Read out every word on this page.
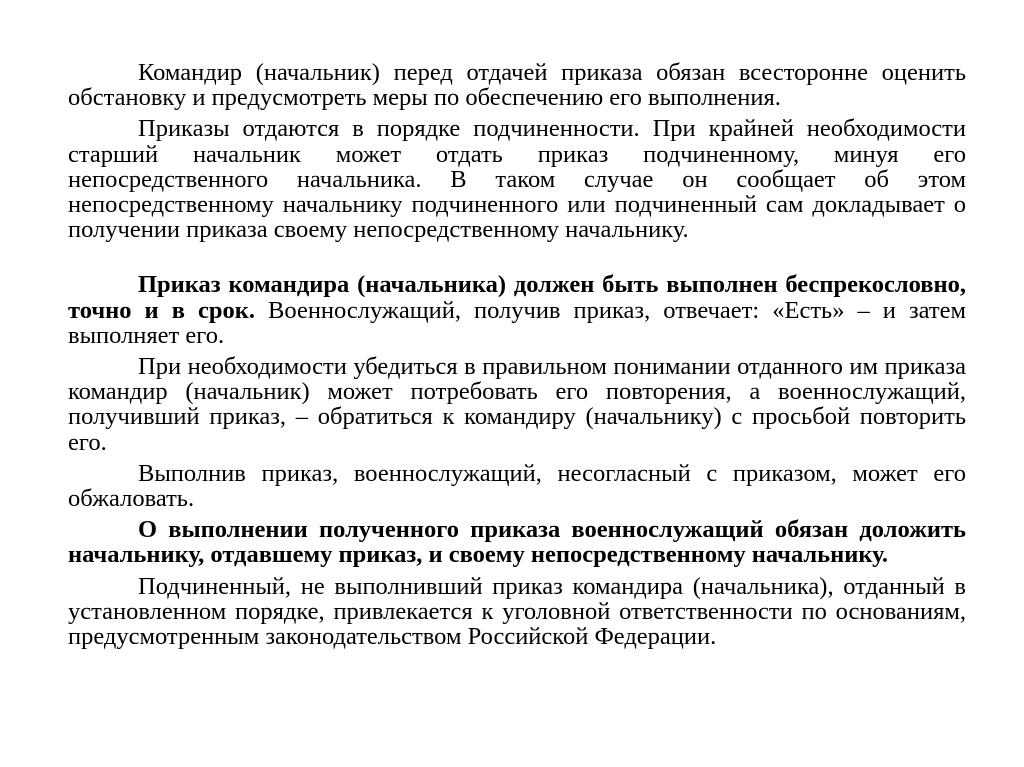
Командир (начальник) перед отдачей приказа обязан всесторонне оценить обстановку и предусмотреть меры по обеспечению его выполнения.

Приказы отдаются в порядке подчиненности. При крайней необходимости старший начальник может отдать приказ подчиненному, минуя его непосредственного начальника. В таком случае он сообщает об этом непосредственному начальнику подчиненного или подчиненный сам докладывает о получении приказа своему непосредственному начальнику.

Приказ командира (начальника) должен быть выполнен беспрекословно, точно и в срок. Военнослужащий, получив приказ, отвечает: «Есть» – и затем выполняет его.

При необходимости убедиться в правильном понимании отданного им приказа командир (начальник) может потребовать его повторения, а военнослужащий, получивший приказ, – обратиться к командиру (начальнику) с просьбой повторить его.

Выполнив приказ, военнослужащий, несогласный с приказом, может его обжаловать.

О выполнении полученного приказа военнослужащий обязан доложить начальнику, отдавшему приказ, и своему непосредственному начальнику.

Подчиненный, не выполнивший приказ командира (начальника), отданный в установленном порядке, привлекается к уголовной ответственности по основаниям, предусмотренным законодательством Российской Федерации.
